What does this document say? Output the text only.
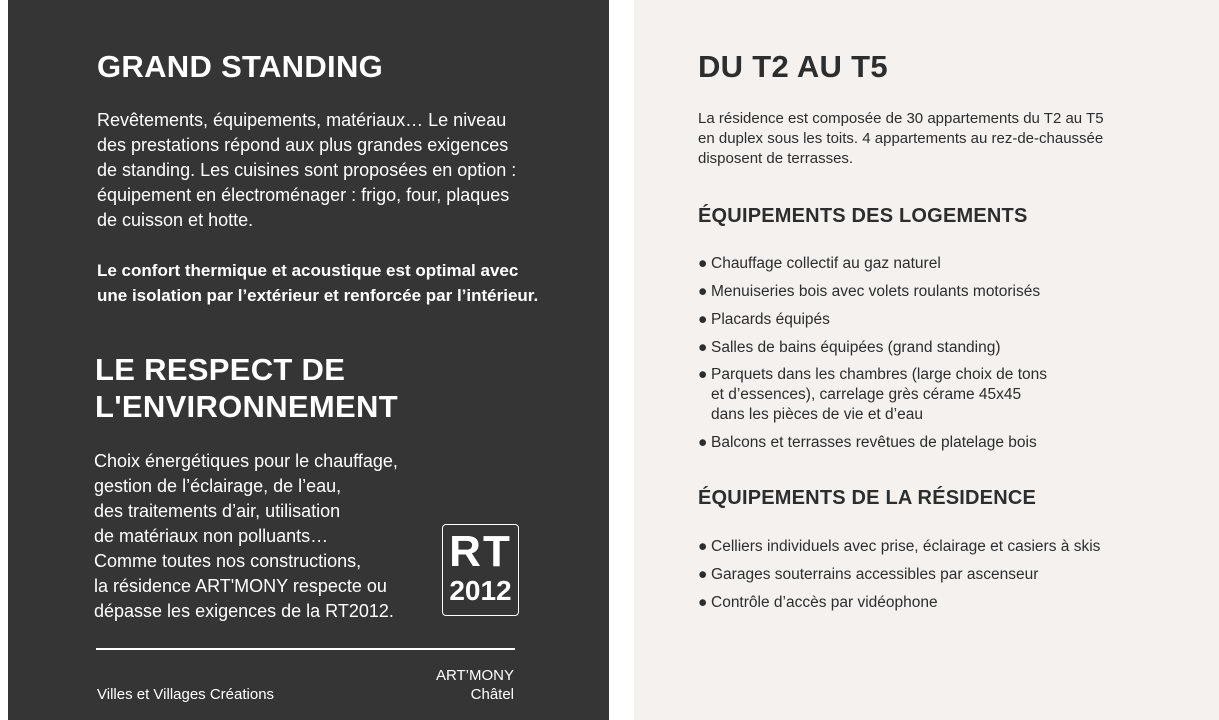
GRAND STANDING

Revêtements, équipements, matériaux… Le niveau
des prestations répond aux plus grandes exigences
de standing. Les cuisines sont proposées en option :
équipement en électroménager : frigo, four, plaques
de cuisson et hotte.

Le confort thermique et acoustique est optimal avec
une isolation par l’extérieur et renforcée par l’intérieur.

LE RESPECT DE
L'ENVIRONNEMENT

Choix énergétiques pour le chauffage,
gestion de l’éclairage, de l’eau,
des traitements d’air, utilisation
de matériaux non polluants…
Comme toutes nos constructions,
la résidence ART'MONY respecte ou
dépasse les exigences de la RT2012.

RT
2012
Villes et Villages Créations
ART’MONY
Châtel
DU T2 AU T5

La résidence est composée de 30 appartements du T2 au T5
en duplex sous les toits. 4 appartements au rez-de-chaussée
disposent de terrasses.

ÉQUIPEMENTS DES LOGEMENTS
● Chauffage collectif au gaz naturel
● Menuiseries bois avec volets roulants motorisés
● Placards équipés
● Salles de bains équipées (grand standing)
● Parquets dans les chambres (large choix de tons
et d’essences), carrelage grès cérame 45x45
dans les pièces de vie et d’eau
● Balcons et terrasses revêtues de platelage bois
ÉQUIPEMENTS DE LA RÉSIDENCE
● Celliers individuels avec prise, éclairage et casiers à skis
● Garages souterrains accessibles par ascenseur
● Contrôle d’accès par vidéophone
